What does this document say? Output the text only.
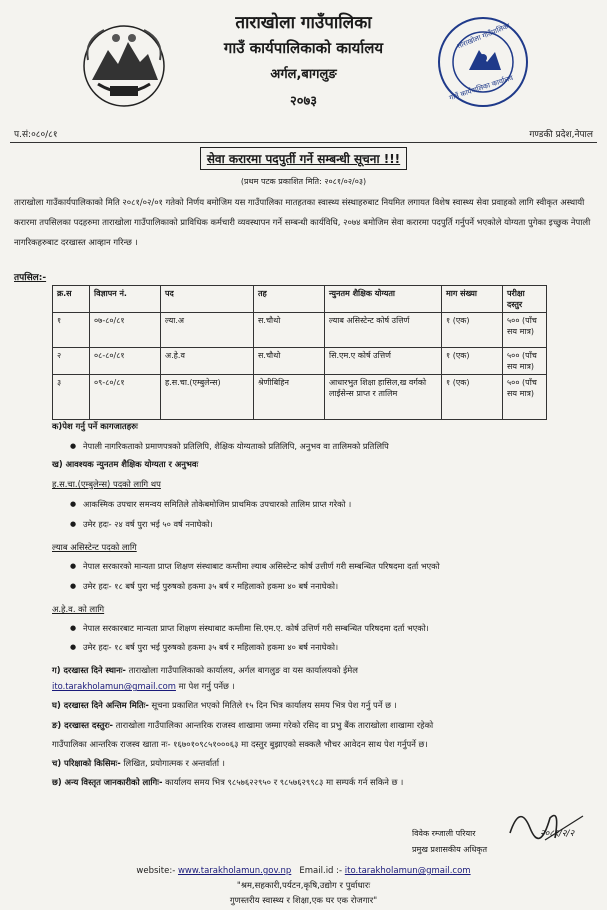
ताराखोला गाउँपालिका
गाउँ कार्यपालिका कार्यालय
ताराखोला गाउँपालिका
गाउँ कार्यपालिकाको कार्यालय
अर्गल,बागलुङ
२०७३
प.सं:०८०/८१	गण्डकी प्रदेश,नेपाल
सेवा करारमा पदपुर्ती गर्ने सम्बन्धी सूचना !!!
(प्रथम पटक प्रकाशित मिति: २०८१/०२/०३)
ताराखोला गाउँकार्यपालिकाको मिति २०८१/०२/०१ गतेको निर्णय बमोजिम यस गाउँपालिका मातहतका स्वास्थ्य संस्थाहरुबाट नियमित लगायत विशेष स्वास्थ्य सेवा प्रवाहको लागि स्वीकृत अस्थायी करारमा तपसिलका पदहरुमा ताराखोला गाउँपालिकाको प्राविधिक कर्मचारी व्यवस्थापन गर्ने सम्बन्धी कार्यविधि, २०७४ बमोजिम सेवा करारमा पदपुर्ति गर्नुपर्ने भएकोले योग्यता पुगेका इच्छुक नेपाली नागरिकहरुबाट दरखास्त आव्हान गरिन्छ ।
तपसिल:-
क्र.स	विज्ञापन नं.	पद	तह	न्युनतम शैक्षिक योग्यता	माग संख्या	परीक्षा दस्तुर
१	०७-८०/८१	ल्या.अ	स.चौथो	ल्याब असिस्टेन्ट कोर्ष उत्तिर्ण	१ (एक)	५०० (पाँच सय मात्र)
२	०८-८०/८१	अ.हे.व	स.चौथो	सि.एम.ए कोर्ष उत्तिर्ण	१ (एक)	५०० (पाँच सय मात्र)
३	०९-८०/८१	ह.स.चा.(एम्बुलेन्स)	श्रेणीबिहिन	आधारभुत शिक्षा हासिल,ख वर्गको लाईसेन्स प्राप्त र तालिम	१ (एक)	५०० (पाँच सय मात्र)
क)पेश गर्नु पर्ने कागजातहरुः
● नेपाली नागरिकताको प्रमाणपत्रको प्रतिलिपि, शैक्षिक योग्यताको प्रतिलिपि, अनुभव वा तालिमको प्रतिलिपि
ख) आवश्यक न्युनतम शैक्षिक योग्यता र अनुभवः
ह.स.चा.(एम्बुलेन्स) पदको लागि थप
● आकस्मिक उपचार समन्वय समितिले तोकेबमोजिम प्राथमिक उपचारको तालिम प्राप्त गरेको ।
● उमेर हदः- २४ वर्ष पुरा भई ५० वर्ष ननाघेको।
ल्याब असिस्टेन्ट पदको लागि
● नेपाल सरकारको मान्यता प्राप्त शिक्षण संस्थाबाट कम्तीमा ल्याब असिस्टेन्ट कोर्ष उत्तीर्ण गरी सम्बन्धित परिषदमा दर्ता भएको
● उमेर हदः- १८ बर्ष पुरा भई पुरुषको हकमा ३५ बर्ष र महिलाको हकमा ४० बर्ष ननाघेको।
अ.हे.व. को लागि
● नेपाल सरकारबाट मान्यता प्राप्त शिक्षण संस्थाबाट कम्तीमा सि.एम.ए. कोर्ष उत्तिर्ण गरी सम्बन्धित परिषदमा दर्ता भएको।
● उमेर हदः- १८ बर्ष पुरा भई पुरुषको हकमा ३५ बर्ष र महिलाको हकमा ४० बर्ष ननाघेको।
ग) दरखास्त दिने स्थानः- ताराखोला गाउँपालिकाको कार्यालय, अर्गल बागलुङ वा यस कार्यालयको ईमेल
ito.tarakholamun@gmail.com मा पेश गर्नु पर्नेछ ।
घ) दरखास्त दिने अन्तिम मितिः- सूचना प्रकाशित भएको मितिले १५ दिन भित्र कार्यालय समय भित्र पेश गर्नु पर्ने छ ।
ङ) दरखास्त दस्तुरः- ताराखोला गाउँपालिका आन्तरिक राजस्व शाखामा जम्मा गरेको रसिद वा प्रभु बैंक ताराखोला शाखामा रहेको
गाउँपालिका आन्तरिक राजस्व खाता नः- १६७०१०९८५१०००६३ मा दस्तुर बुझाएको सक्कलै भौचर आवेदन साथ पेश गर्नुपर्ने छ।
च) परिक्षाको किसिमः- लिखित, प्रयोगात्मक र अन्तर्वार्ता ।
छ) अन्य विस्तृत जानकारीको लागिः- कार्यालय समय भित्र ९८५७६२२९५० र ९८५७६२९९८३ मा सम्पर्क गर्न सकिने छ ।
२०८१/२/२
विवेक रम्जाली परियार
प्रमुख प्रशासकीय अधिकृत
website:- www.tarakholamun.gov.np Email.id :- ito.tarakholamun@gmail.com
"श्रम,सहकारी,पर्यटन,कृषि,उद्योग र पुर्वाधारः
गुणस्तरीय स्वास्थ्य र शिक्षा,एक घर एक रोजगार"
